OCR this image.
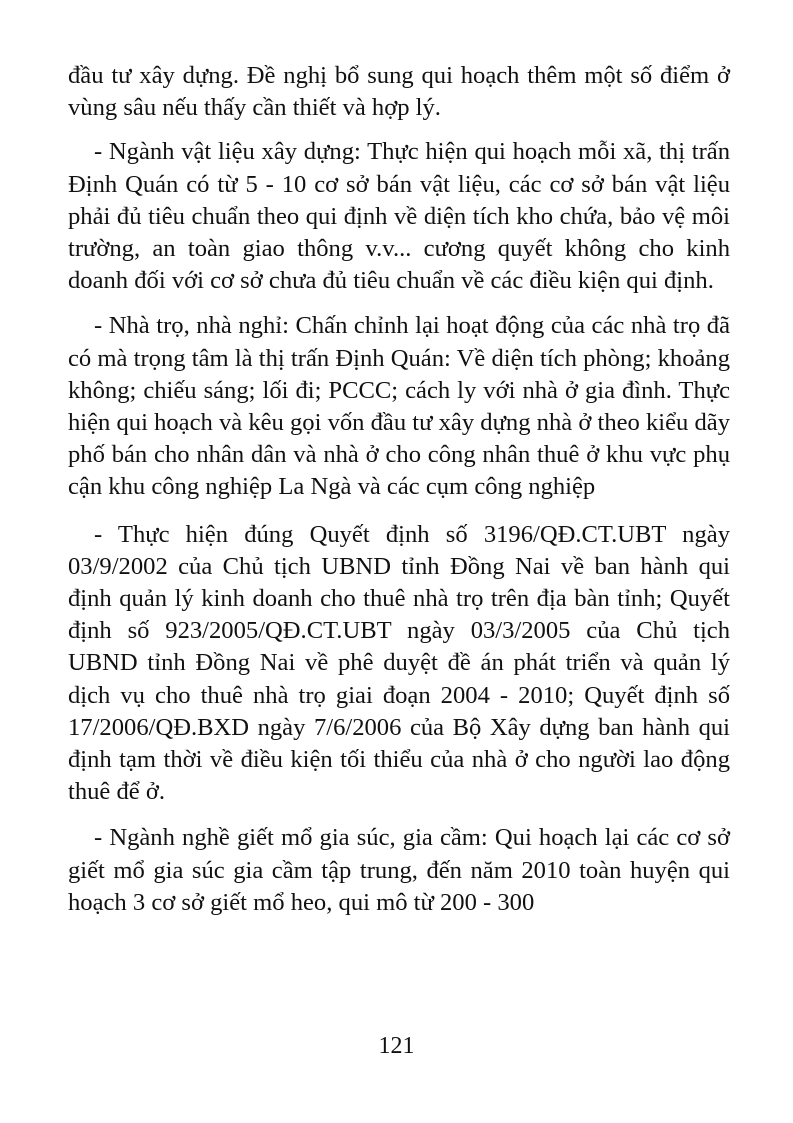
đầu tư xây dựng. Đề nghị bổ sung qui hoạch thêm một số điểm ở vùng sâu nếu thấy cần thiết và hợp lý.

- Ngành vật liệu xây dựng: Thực hiện qui hoạch mỗi xã, thị trấn Định Quán có từ 5 - 10 cơ sở bán vật liệu, các cơ sở bán vật liệu phải đủ tiêu chuẩn theo qui định về diện tích kho chứa, bảo vệ môi trường, an toàn giao thông v.v... cương quyết không cho kinh doanh đối với cơ sở chưa đủ tiêu chuẩn về các điều kiện qui định.

- Nhà trọ, nhà nghỉ: Chấn chỉnh lại hoạt động của các nhà trọ đã có mà trọng tâm là thị trấn Định Quán: Về diện tích phòng; khoảng không; chiếu sáng; lối đi; PCCC; cách ly với nhà ở gia đình. Thực hiện qui hoạch và kêu gọi vốn đầu tư xây dựng nhà ở theo kiểu dãy phố bán cho nhân dân và nhà ở cho công nhân thuê ở khu vực phụ cận khu công nghiệp La Ngà và các cụm công nghiệp

- Thực hiện đúng Quyết định số 3196/QĐ.CT.UBT ngày 03/9/2002 của Chủ tịch UBND tỉnh Đồng Nai về ban hành qui định quản lý kinh doanh cho thuê nhà trọ trên địa bàn tỉnh; Quyết định số 923/2005/QĐ.CT.UBT ngày 03/3/2005 của Chủ tịch UBND tỉnh Đồng Nai về phê duyệt đề án phát triển và quản lý dịch vụ cho thuê nhà trọ giai đoạn 2004 - 2010; Quyết định số 17/2006/QĐ.BXD ngày 7/6/2006 của Bộ Xây dựng ban hành qui định tạm thời về điều kiện tối thiểu của nhà ở cho người lao động thuê để ở.

- Ngành nghề giết mổ gia súc, gia cầm: Qui hoạch lại các cơ sở giết mổ gia súc gia cầm tập trung, đến năm 2010 toàn huyện qui hoạch 3 cơ sở giết mổ heo, qui mô từ 200 - 300

121
